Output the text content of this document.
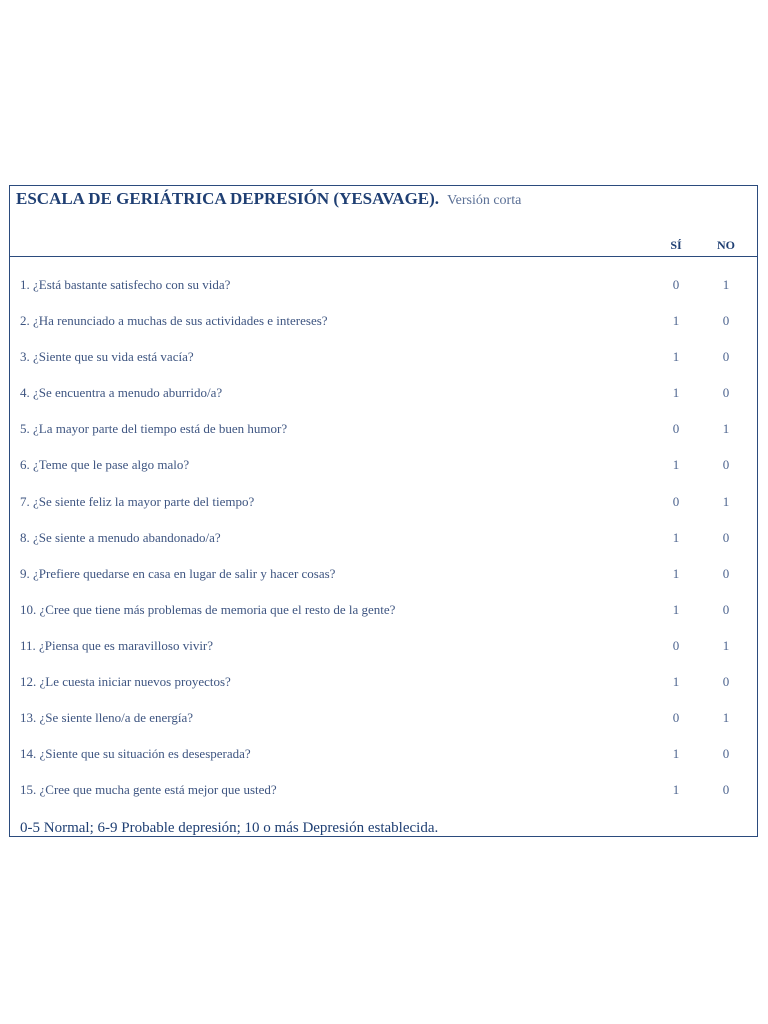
ESCALA DE GERIÁTRICA DEPRESIÓN (YESAVAGE). Versión corta
SÍ	NO
1. ¿Está bastante satisfecho con su vida?	0	1
2. ¿Ha renunciado a muchas de sus actividades e intereses?	1	0
3. ¿Siente que su vida está vacía?	1	0
4. ¿Se encuentra a menudo aburrido/a?	1	0
5. ¿La mayor parte del tiempo está de buen humor?	0	1
6. ¿Teme que le pase algo malo?	1	0
7. ¿Se siente feliz la mayor parte del tiempo?	0	1
8. ¿Se siente a menudo abandonado/a?	1	0
9. ¿Prefiere quedarse en casa en lugar de salir y hacer cosas?	1	0
10. ¿Cree que tiene más problemas de memoria que el resto de la gente?	1	0
11. ¿Piensa que es maravilloso vivir?	0	1
12. ¿Le cuesta iniciar nuevos proyectos?	1	0
13. ¿Se siente lleno/a de energía?	0	1
14. ¿Siente que su situación es desesperada?	1	0
15. ¿Cree que mucha gente está mejor que usted?	1	0
0-5 Normal; 6-9 Probable depresión; 10 o más Depresión establecida.
